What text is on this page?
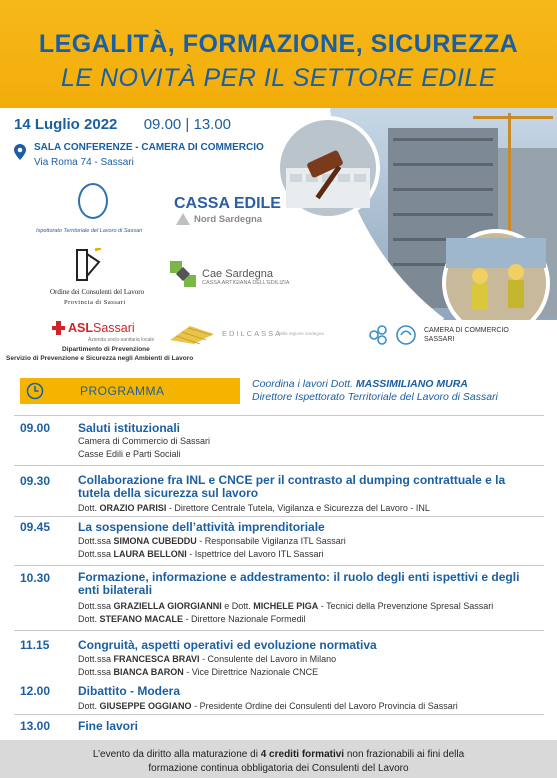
LEGALITÀ, FORMAZIONE, SICUREZZA
LE NOVITÀ PER IL SETTORE EDILE
14 Luglio 2022 09.00 | 13.00
SALA CONFERENZE - CAMERA DI COMMERCIO
Via Roma 74 - Sassari
Ispettorato Territoriale del Lavoro di Sassari
CASSA EDILE
Nord Sardegna
Ordine dei Consulenti del Lavoro
Provincia di Sassari
Cae Sardegna
CASSA ARTIGIANA DELL'EDILIZIA
ASLSassari
Azienda socio-sanitaria locale
Dipartimento di Prevenzione
Servizio di Prevenzione e Sicurezza negli Ambienti di Lavoro
EDILCASSA
della regione sardegna	CAMERA DI COMMERCIO
SASSARI
PROGRAMMA	Coordina i lavori Dott. MASSIMILIANO MURA
Direttore Ispettorato Territoriale del Lavoro di Sassari
09.00 Saluti istituzionali
Camera di Commercio di Sassari
Casse Edili e Parti Sociali
09.30 Collaborazione fra INL e CNCE per il contrasto al dumping contrattuale e la tutela della sicurezza sul lavoro
Dott. ORAZIO PARISI - Direttore Centrale Tutela, Vigilanza e Sicurezza del Lavoro - INL
09.45 La sospensione dell’attività imprenditoriale
Dott.ssa SIMONA CUBEDDU - Responsabile Vigilanza ITL Sassari
Dott.ssa LAURA BELLONI - Ispettrice del Lavoro ITL Sassari
10.30 Formazione, informazione e addestramento: il ruolo degli enti ispettivi e degli enti bilaterali
Dott.ssa GRAZIELLA GIORGIANNI e Dott. MICHELE PIGA - Tecnici della Prevenzione Spresal Sassari
Dott. STEFANO MACALE - Direttore Nazionale Formedil
11.15 Congruità, aspetti operativi ed evoluzione normativa
Dott.ssa FRANCESCA BRAVI - Consulente del Lavoro in Milano
Dott.ssa BIANCA BARON - Vice Direttrice Nazionale CNCE
12.00 Dibattito - Modera
Dott. GIUSEPPE OGGIANO - Presidente Ordine dei Consulenti del Lavoro Provincia di Sassari
13.00 Fine lavori
L’evento da diritto alla maturazione di 4 crediti formativi non frazionabili ai fini della
formazione continua obbligatoria dei Consulenti del Lavoro
